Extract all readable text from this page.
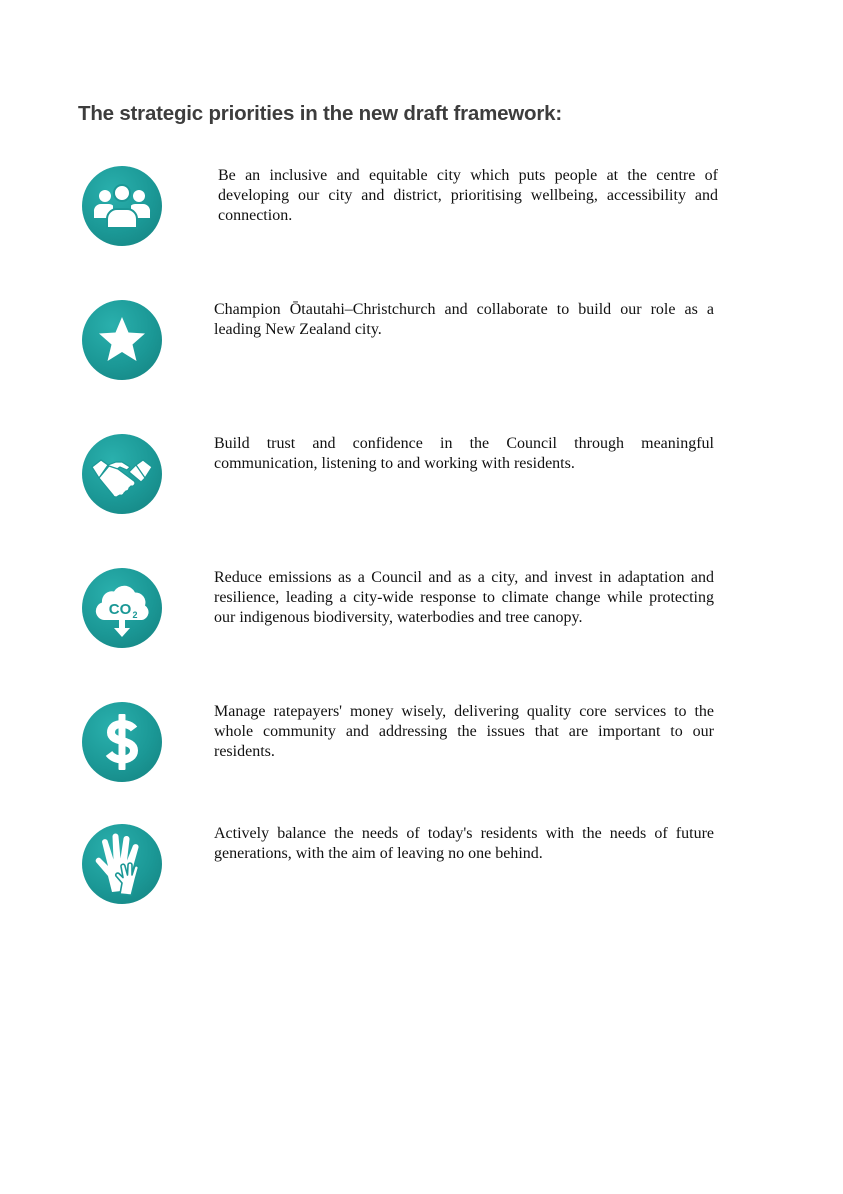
The strategic priorities in the new draft framework:

Be an inclusive and equitable city which puts people at the centre of developing our city and district, prioritising wellbeing, accessibility and connection.

Champion Ōtautahi–Christchurch and collaborate to build our role as a leading New Zealand city.

Build trust and confidence in the Council through meaningful communication, listening to and working with residents.

CO 2

Reduce emissions as a Council and as a city, and invest in adaptation and resilience, leading a city-wide response to climate change while protecting our indigenous biodiversity, waterbodies and tree canopy.

Manage ratepayers' money wisely, delivering quality core services to the whole community and addressing the issues that are important to our residents.

Actively balance the needs of today's residents with the needs of future generations, with the aim of leaving no one behind.
